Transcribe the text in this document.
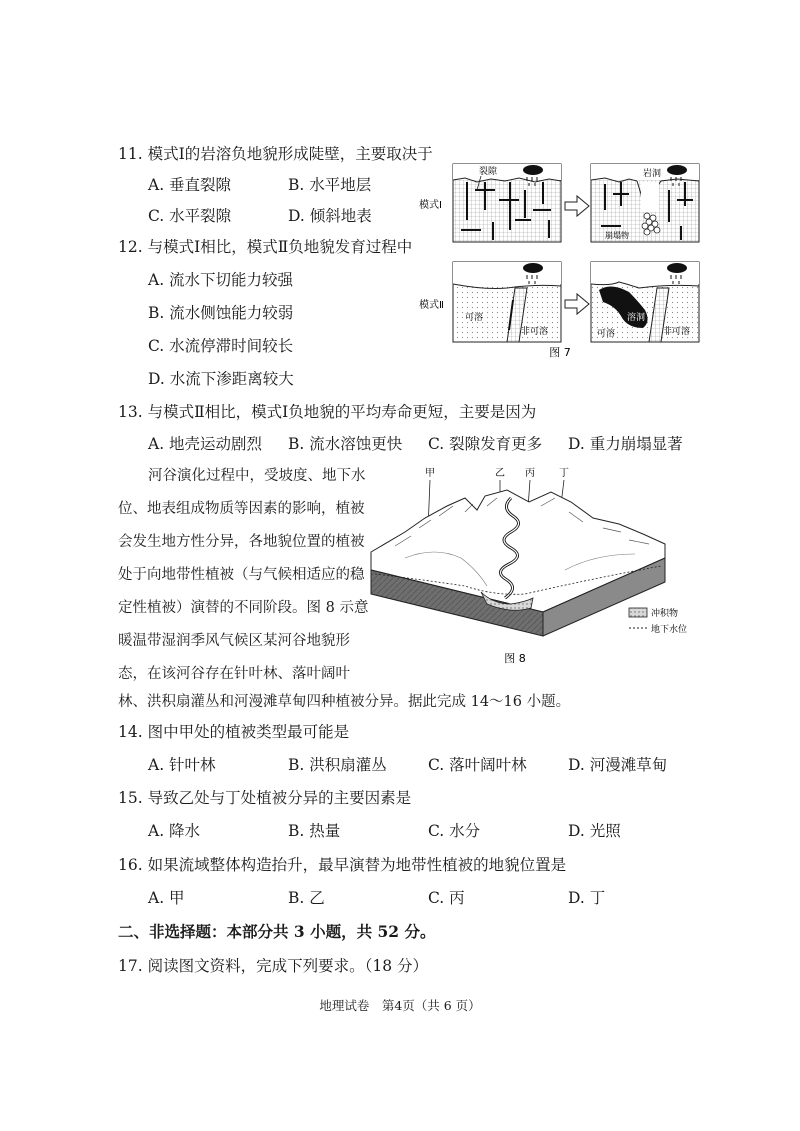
11. 模式Ⅰ的岩溶负地貌形成陡壁，主要取决于
A. 垂直裂隙	B. 水平地层
C. 水平裂隙	D. 倾斜地表
12. 与模式Ⅰ相比，模式Ⅱ负地貌发育过程中
A. 流水下切能力较强
B. 流水侧蚀能力较弱
C. 水流停滞时间较长
D. 水流下渗距离较大
模式Ⅰ
裂隙	岩洞
崩塌物
模式Ⅱ
可溶
非可溶	可溶
溶洞
非可溶
图 7
13. 与模式Ⅱ相比，模式Ⅰ负地貌的平均寿命更短，主要是因为
A. 地壳运动剧烈 B. 流水溶蚀更快 C. 裂隙发育更多 D. 重力崩塌显著
河谷演化过程中，受坡度、地下水
位、地表组成物质等因素的影响，植被
会发生地方性分异，各地貌位置的植被
处于向地带性植被（与气候相适应的稳
定性植被）演替的不同阶段。图 8 示意
暖温带湿润季风气候区某河谷地貌形
态，在该河谷存在针叶林、落叶阔叶
林、洪积扇灌丛和河漫滩草甸四种植被分异。据此完成 14～16 小题。
甲	乙 丙 丁
冲积物
地下水位
图 8
14. 图中甲处的植被类型最可能是
A. 针叶林	B. 洪积扇灌丛	C. 落叶阔叶林	D. 河漫滩草甸
15. 导致乙处与丁处植被分异的主要因素是
A. 降水	B. 热量	C. 水分	D. 光照
16. 如果流域整体构造抬升，最早演替为地带性植被的地貌位置是
A. 甲	B. 乙	C. 丙	D. 丁
二、非选择题：本部分共 3 小题，共 52 分。
17. 阅读图文资料，完成下列要求。（18 分）
地理试卷　第4页（共 6 页）
